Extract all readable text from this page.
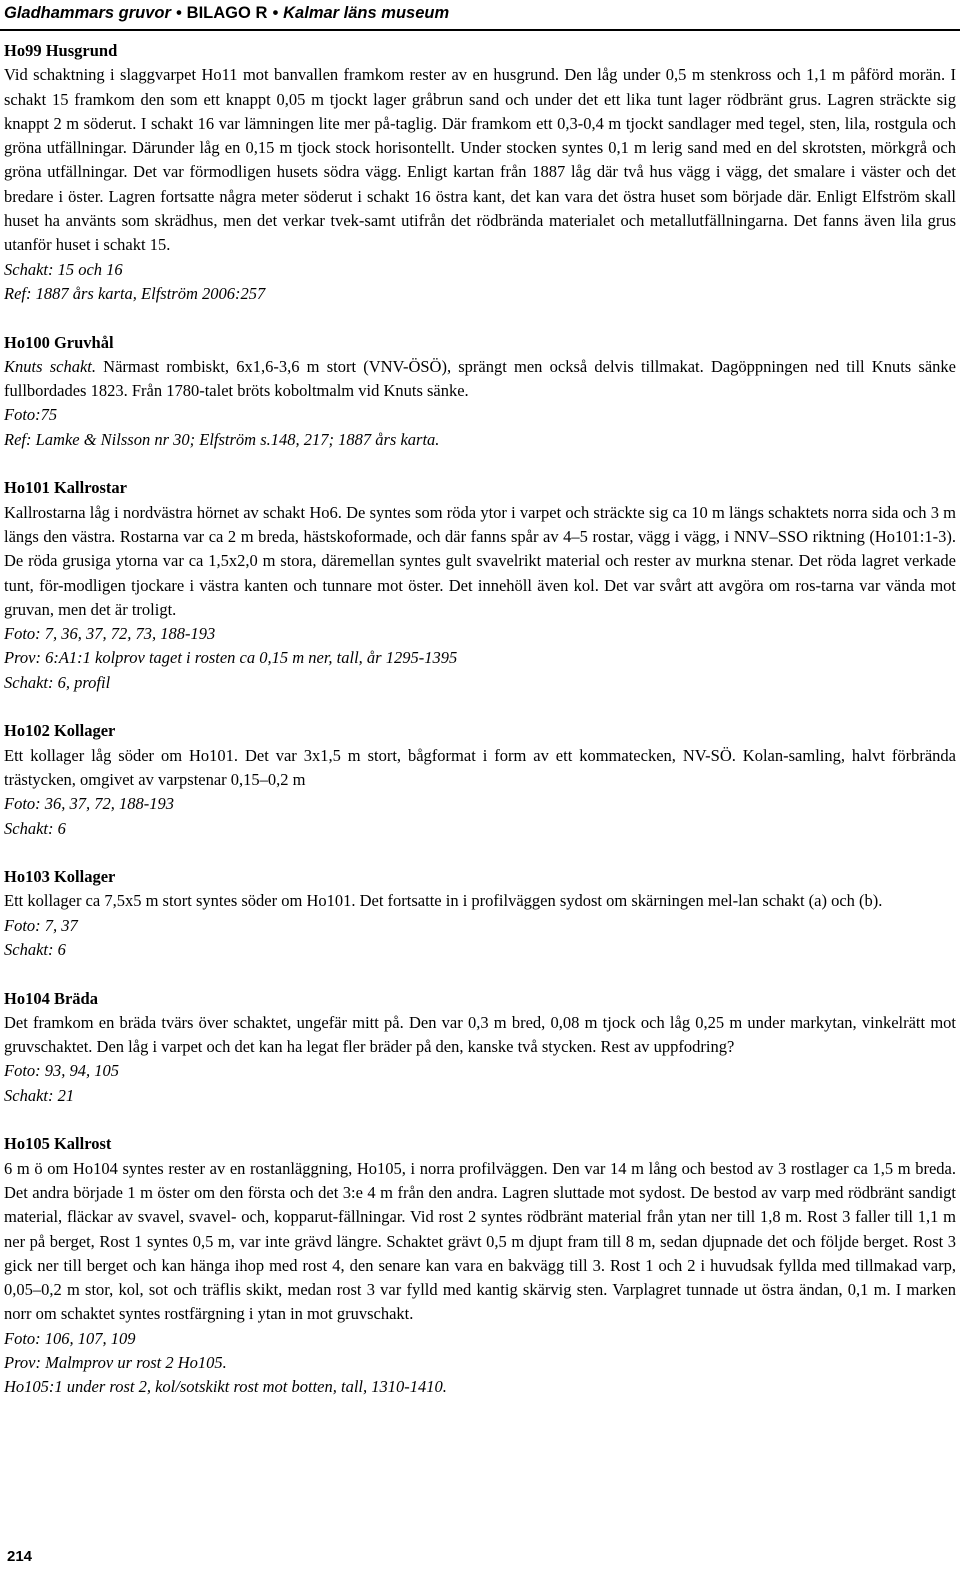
Gladhammars gruvor • BILAGO R • Kalmar läns museum
Ho99 Husgrund

Vid schaktning i slaggvarpet Ho11 mot banvallen framkom rester av en husgrund. Den låg under 0,5 m stenkross och 1,1 m påförd morän. I schakt 15 framkom den som ett knappt 0,05 m tjockt lager gråbrun sand och under det ett lika tunt lager rödbränt grus. Lagren sträckte sig knappt 2 m söderut. I schakt 16 var lämningen lite mer på-taglig. Där framkom ett 0,3-0,4 m tjockt sandlager med tegel, sten, lila, rostgula och gröna utfällningar. Därunder låg en 0,15 m tjock stock horisontellt. Under stocken syntes 0,1 m lerig sand med en del skrotsten, mörkgrå och gröna utfällningar. Det var förmodligen husets södra vägg. Enligt kartan från 1887 låg där två hus vägg i vägg, det smalare i väster och det bredare i öster. Lagren fortsatte några meter söderut i schakt 16 östra kant, det kan vara det östra huset som började där. Enligt Elfström skall huset ha använts som skrädhus, men det verkar tvek-samt utifrån det rödbrända materialet och metallutfällningarna. Det fanns även lila grus utanför huset i schakt 15.

Schakt: 15 och 16
Ref: 1887 års karta, Elfström 2006:257
Ho100 Gruvhål

Knuts schakt. Närmast rombiskt, 6x1,6-3,6 m stort (VNV-ÖSÖ), sprängt men också delvis tillmakat. Dagöppningen ned till Knuts sänke fullbordades 1823. Från 1780-talet bröts koboltmalm vid Knuts sänke.

Foto:75
Ref: Lamke & Nilsson nr 30; Elfström s.148, 217; 1887 års karta.
Ho101 Kallrostar

Kallrostarna låg i nordvästra hörnet av schakt Ho6. De syntes som röda ytor i varpet och sträckte sig ca 10 m längs schaktets norra sida och 3 m längs den västra. Rostarna var ca 2 m breda, hästskoformade, och där fanns spår av 4–5 rostar, vägg i vägg, i NNV–SSO riktning (Ho101:1-3). De röda grusiga ytorna var ca 1,5x2,0 m stora, däremellan syntes gult svavelrikt material och rester av murkna stenar. Det röda lagret verkade tunt, för-modligen tjockare i västra kanten och tunnare mot öster. Det innehöll även kol. Det var svårt att avgöra om ros-tarna var vända mot gruvan, men det är troligt.

Foto: 7, 36, 37, 72, 73, 188-193
Prov: 6:A1:1 kolprov taget i rosten ca 0,15 m ner, tall, år 1295-1395
Schakt: 6, profil
Ho102 Kollager

Ett kollager låg söder om Ho101. Det var 3x1,5 m stort, bågformat i form av ett kommatecken, NV-SÖ. Kolan-samling, halvt förbrända trästycken, omgivet av varpstenar 0,15–0,2 m

Foto: 36, 37, 72, 188-193
Schakt: 6
Ho103 Kollager

Ett kollager ca 7,5x5 m stort syntes söder om Ho101. Det fortsatte in i profilväggen sydost om skärningen mel-lan schakt (a) och (b).

Foto: 7, 37
Schakt: 6
Ho104 Bräda

Det framkom en bräda tvärs över schaktet, ungefär mitt på. Den var 0,3 m bred, 0,08 m tjock och låg 0,25 m under markytan, vinkelrätt mot gruvschaktet. Den låg i varpet och det kan ha legat fler bräder på den, kanske två stycken. Rest av uppfodring?

Foto: 93, 94, 105
Schakt: 21
Ho105 Kallrost

6 m ö om Ho104 syntes rester av en rostanläggning, Ho105, i norra profilväggen. Den var 14 m lång och bestod av 3 rostlager ca 1,5 m breda. Det andra började 1 m öster om den första och det 3:e 4 m från den andra. Lagren sluttade mot sydost. De bestod av varp med rödbränt sandigt material, fläckar av svavel, svavel- och, kopparut-fällningar. Vid rost 2 syntes rödbränt material från ytan ner till 1,8 m. Rost 3 faller till 1,1 m ner på berget, Rost 1 syntes 0,5 m, var inte grävd längre. Schaktet grävt 0,5 m djupt fram till 8 m, sedan djupnade det och följde berget. Rost 3 gick ner till berget och kan hänga ihop med rost 4, den senare kan vara en bakvägg till 3. Rost 1 och 2 i huvudsak fyllda med tillmakad varp, 0,05–0,2 m stor, kol, sot och träflis skikt, medan rost 3 var fylld med kantig skärvig sten. Varplagret tunnade ut östra ändan, 0,1 m. I marken norr om schaktet syntes rostfärgning i ytan in mot gruvschakt.

Foto: 106, 107, 109
Prov: Malmprov ur rost 2 Ho105.
Ho105:1 under rost 2, kol/sotskikt rost mot botten, tall, 1310-1410.
214
